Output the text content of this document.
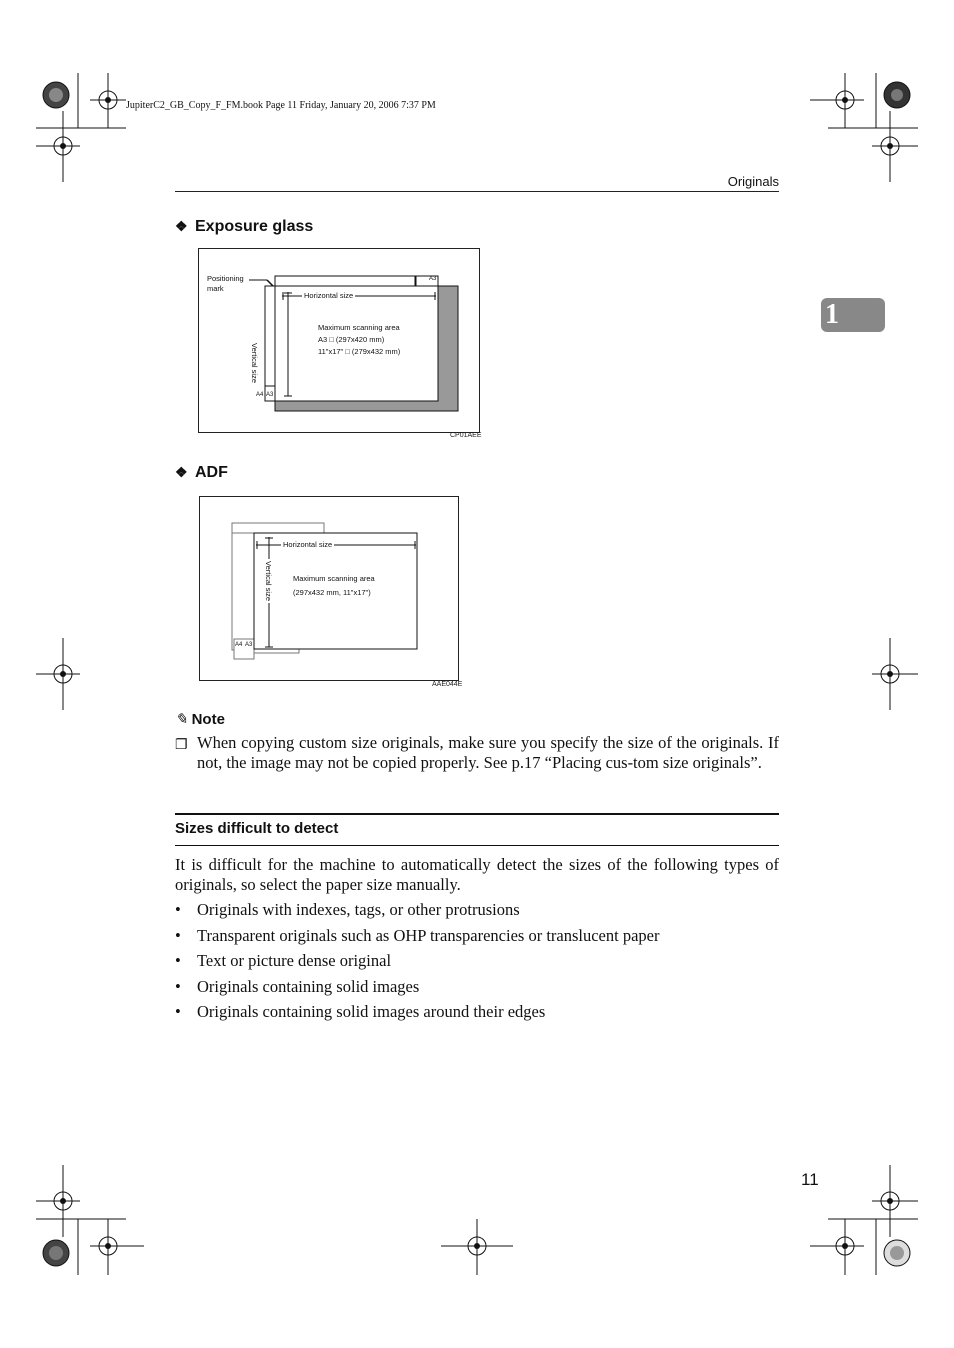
JupiterC2_GB_Copy_F_FM.book Page 11 Friday, January 20, 2006 7:37 PM
Originals
1
❖ Exposure glass
Positioning mark
Horizontal size
Vertical size
Maximum scanning area
A3 □ (297x420 mm)
11"x17" □ (279x432 mm)
A3
A4 A3
CP01AEE
❖ ADF
Horizontal size
Vertical size	Maximum scanning area
(297x432 mm, 11"x17")
A4 A3
AAE044E
✎ Note
❐ When copying custom size originals, make sure you specify the size of the originals. If not, the image may not be copied properly. See p.17 “Placing cus-tom size originals”.
Sizes difficult to detect
It is difficult for the machine to automatically detect the sizes of the following types of originals, so select the paper size manually.
• Originals with indexes, tags, or other protrusions
• Transparent originals such as OHP transparencies or translucent paper
• Text or picture dense original
• Originals containing solid images
• Originals containing solid images around their edges
11
